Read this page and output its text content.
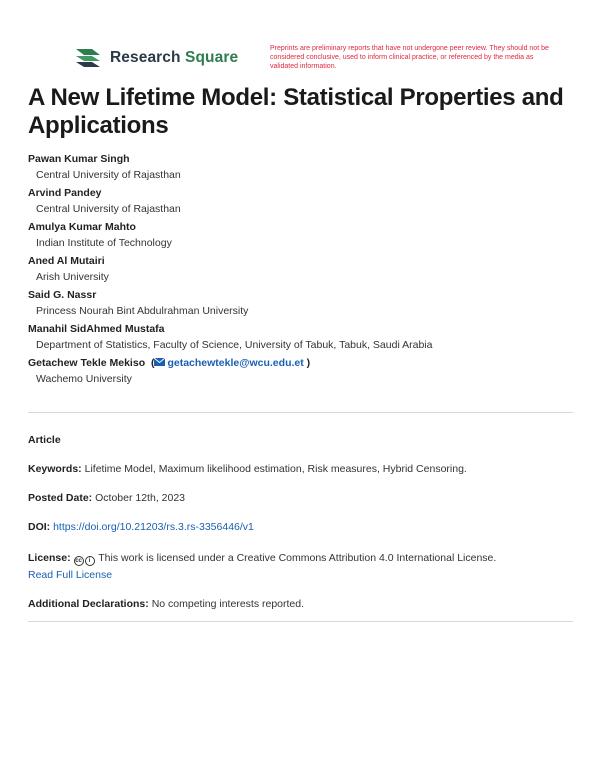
Research Square
Preprints are preliminary reports that have not undergone peer review. They should not be considered conclusive, used to inform clinical practice, or referenced by the media as validated information.
A New Lifetime Model: Statistical Properties and Applications
Pawan Kumar Singh
Central University of Rajasthan
Arvind Pandey
Central University of Rajasthan
Amulya Kumar Mahto
Indian Institute of Technology
Aned Al Mutairi
Arish University
Said G. Nassr
Princess Nourah Bint Abdulrahman University
Manahil SidAhmed Mustafa
Department of Statistics, Faculty of Science, University of Tabuk, Tabuk, Saudi Arabia
Getachew Tekle Mekiso  ( getachewtekle@wcu.edu.et )
Wachemo University
Article
Keywords: Lifetime Model, Maximum likelihood estimation, Risk measures, Hybrid Censoring.
Posted Date: October 12th, 2023
DOI: https://doi.org/10.21203/rs.3.rs-3356446/v1
License: cc i This work is licensed under a Creative Commons Attribution 4.0 International License.
Read Full License
Additional Declarations: No competing interests reported.
